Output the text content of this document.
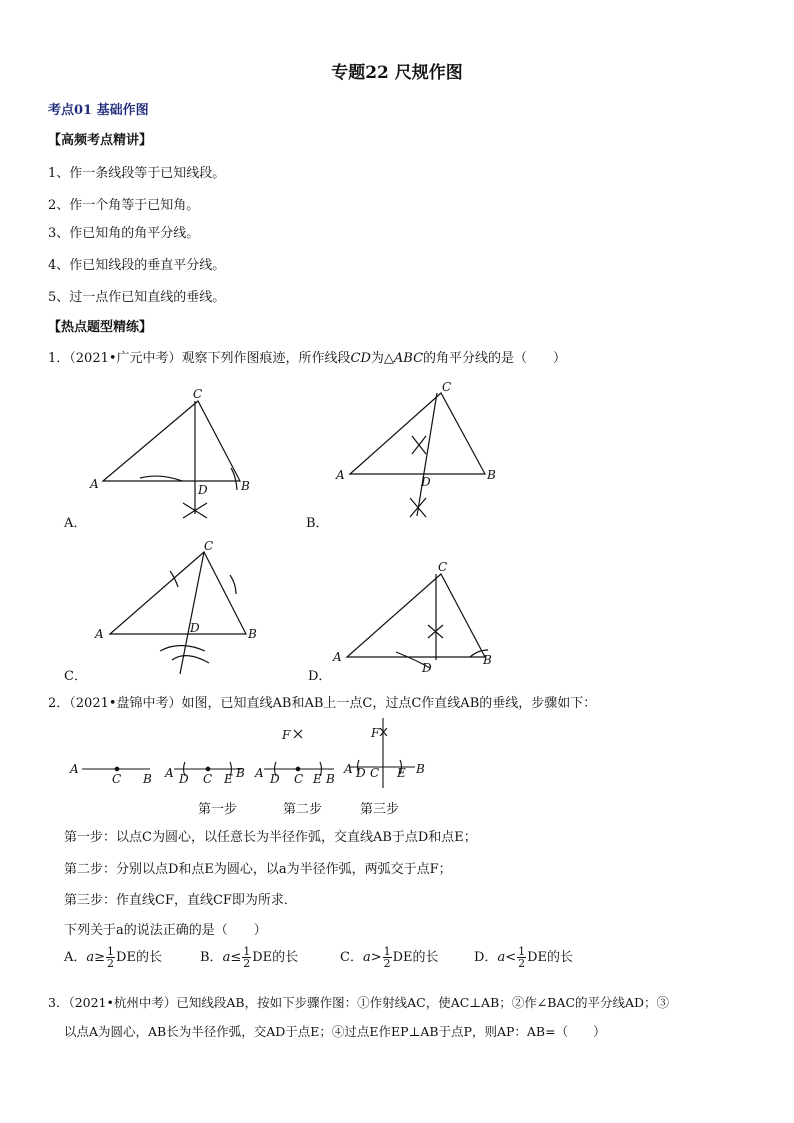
专题22 尺规作图
考点01 基础作图
【高频考点精讲】
1、作一条线段等于已知线段。
2、作一个角等于已知角。
3、作已知角的角平分线。
4、作已知线段的垂直平分线。
5、过一点作已知直线的垂线。
【热点题型精练】
1．（2021•广元中考）观察下列作图痕迹，所作线段CD为△ABC的角平分线的是（　　）
A
C
D	B
A
C
D	B
A
C
D	B
A
C
D
B
A．	B．
C．	D．
2．（2021•盘锦中考）如图，已知直线AB和AB上一点C，过点C作直线AB的垂线，步骤如下：
A
C B A D C E B A D C E B
F
A D C E B
F
第一步	第二步	第三步
第一步：以点C为圆心，以任意长为半径作弧，交直线AB于点D和点E；
第二步：分别以点D和点E为圆心，以a为半径作弧，两弧交于点F；
第三步：作直线CF，直线CF即为所求．
下列关于a的说法正确的是（　　）
A．$a\ge \frac{1}{2}$ DE的长	B．$a\le \frac{1}{2}$ DE的长	C．$a> \frac{1}{2}$ DE的长	D．$a< \frac{1}{2}$ DE的长
3．（2021•杭州中考）已知线段AB，按如下步骤作图：①作射线AC，使AC⊥AB；②作∠BAC的平分线AD；③
以点A为圆心，AB长为半径作弧，交AD于点E；④过点E作EP⊥AB于点P，则AP：AB=（　　）
